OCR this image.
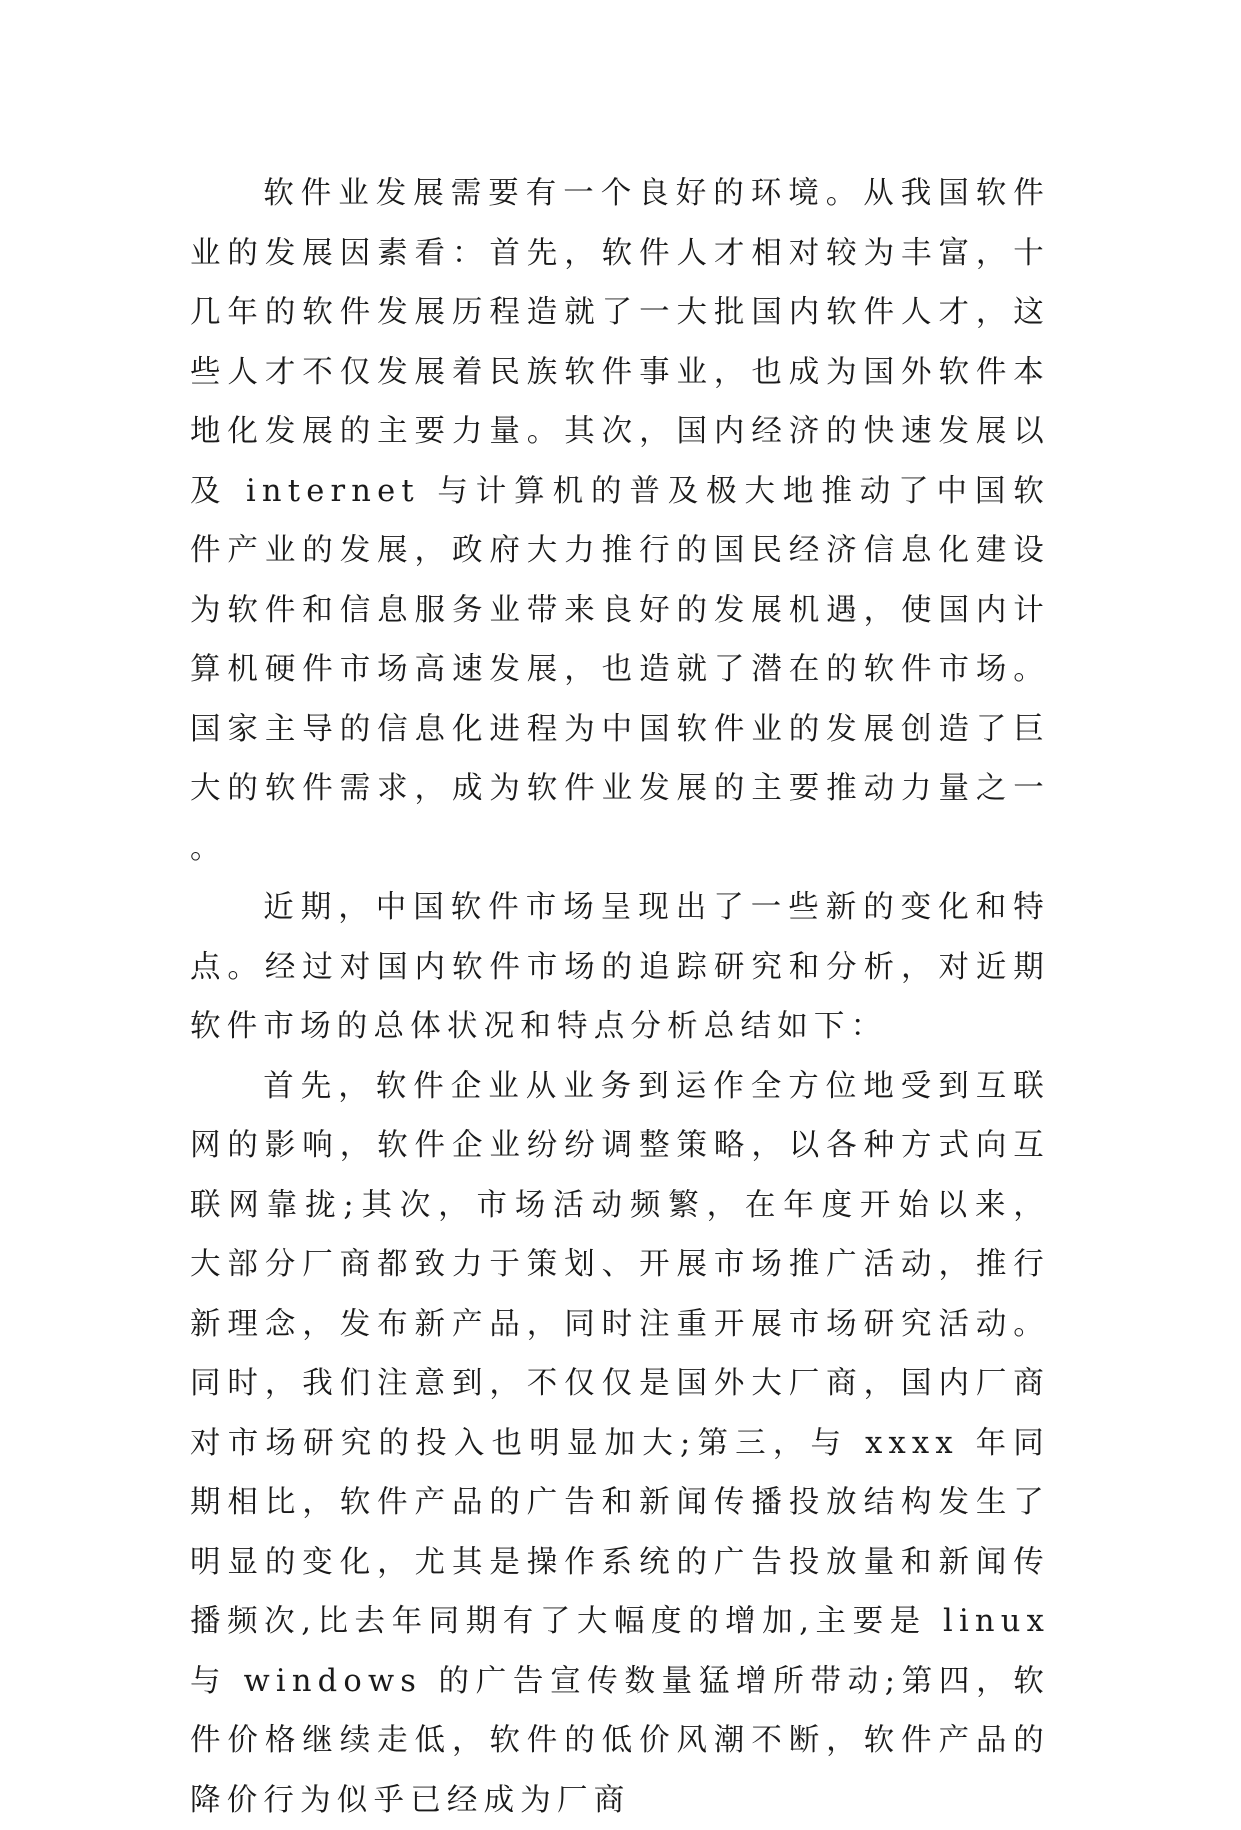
软件业发展需要有一个良好的环境。从我国软件业的发展因素看：首先，软件人才相对较为丰富，十几年的软件发展历程造就了一大批国内软件人才，这些人才不仅发展着民族软件事业，也成为国外软件本地化发展的主要力量。其次，国内经济的快速发展以及 internet 与计算机的普及极大地推动了中国软件产业的发展，政府大力推行的国民经济信息化建设为软件和信息服务业带来良好的发展机遇，使国内计算机硬件市场高速发展，也造就了潜在的软件市场。国家主导的信息化进程为中国软件业的发展创造了巨大的软件需求，成为软件业发展的主要推动力量之一。

近期，中国软件市场呈现出了一些新的变化和特点。经过对国内软件市场的追踪研究和分析，对近期软件市场的总体状况和特点分析总结如下：

首先，软件企业从业务到运作全方位地受到互联网的影响，软件企业纷纷调整策略，以各种方式向互联网靠拢;其次，市场活动频繁，在年度开始以来，大部分厂商都致力于策划、开展市场推广活动，推行新理念，发布新产品，同时注重开展市场研究活动。同时，我们注意到，不仅仅是国外大厂商，国内厂商对市场研究的投入也明显加大;第三，与 xxxx 年同期相比，软件产品的广告和新闻传播投放结构发生了明显的变化，尤其是操作系统的广告投放量和新闻传播频次,比去年同期有了大幅度的增加,主要是 linux 与 windows 的广告宣传数量猛增所带动;第四，软件价格继续走低，软件的低价风潮不断，软件产品的降价行为似乎已经成为厂商
